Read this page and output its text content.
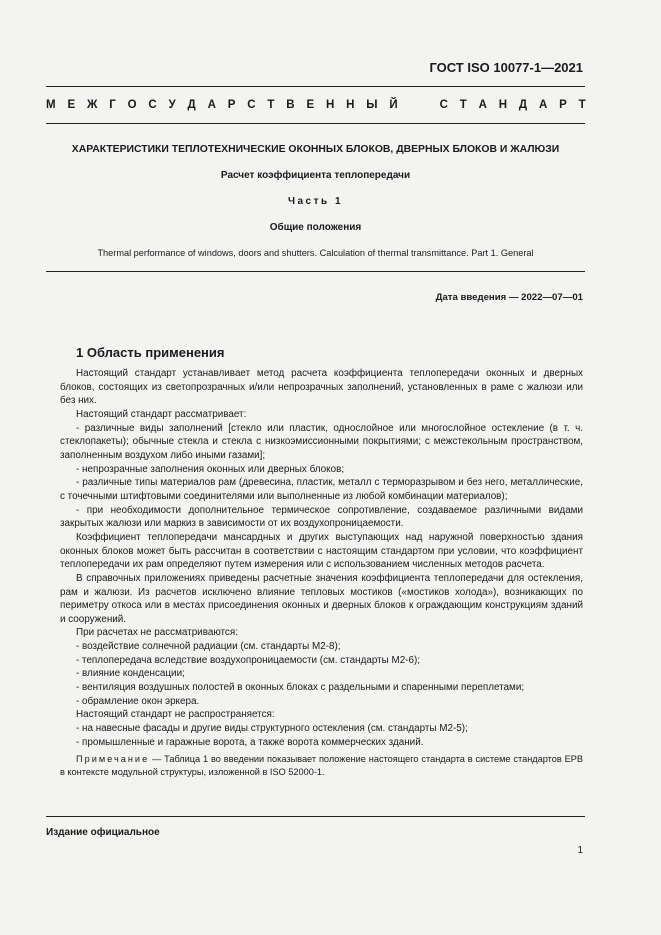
ГОСТ ISO 10077-1—2021
М Е Ж Г О С У Д А Р С Т В Е Н Н Ы Й

	С Т А Н Д А Р Т
ХАРАКТЕРИСТИКИ ТЕПЛОТЕХНИЧЕСКИЕ ОКОННЫХ БЛОКОВ, ДВЕРНЫХ БЛОКОВ И ЖАЛЮЗИ
Расчет коэффициента теплопередачи
Часть 1
Общие положения
Thermal performance of windows, doors and shutters. Calculation of thermal transmittance. Part 1. General
Дата введения — 2022—07—01
1 Область применения

Настоящий стандарт устанавливает метод расчета коэффициента теплопередачи оконных и дверных блоков, состоящих из светопрозрачных и/или непрозрачных заполнений, установленных в раме с жалюзи или без них.

Настоящий стандарт рассматривает:

- различные виды заполнений [стекло или пластик, однослойное или многослойное остекление (в т. ч. стеклопакеты); обычные стекла и стекла с низкоэмиссионными покрытиями; с межстекольным пространством, заполненным воздухом либо иными газами];

- непрозрачные заполнения оконных или дверных блоков;

- различные типы материалов рам (древесина, пластик, металл с терморазрывом и без него, металлические, с точечными штифтовыми соединителями или выполненные из любой комбинации материалов);

- при необходимости дополнительное термическое сопротивление, создаваемое различными видами закрытых жалюзи или маркиз в зависимости от их воздухопроницаемости.

Коэффициент теплопередачи мансардных и других выступающих над наружной поверхностью здания оконных блоков может быть рассчитан в соответствии с настоящим стандартом при условии, что коэффициент теплопередачи их рам определяют путем измерения или с использованием численных методов расчета.

В справочных приложениях приведены расчетные значения коэффициента теплопередачи для остекления, рам и жалюзи. Из расчетов исключено влияние тепловых мостиков («мостиков холода»), возникающих по периметру откоса или в местах присоединения оконных и дверных блоков к ограждающим конструкциям зданий и сооружений.

При расчетах не рассматриваются:

- воздействие солнечной радиации (см. стандарты М2-8);

- теплопередача вследствие воздухопроницаемости (см. стандарты М2-6);

- влияние конденсации;

- вентиляция воздушных полостей в оконных блоках с раздельными и спаренными переплетами;

- обрамление окон эркера.

Настоящий стандарт не распространяется:

- на навесные фасады и другие виды структурного остекления (см. стандарты М2-5);

- промышленные и гаражные ворота, а также ворота коммерческих зданий.

Примечание — Таблица 1 во введении показывает положение настоящего стандарта в системе стандартов EPB в контексте модульной структуры, изложенной в ISO 52000-1.

Издание официальное
1
